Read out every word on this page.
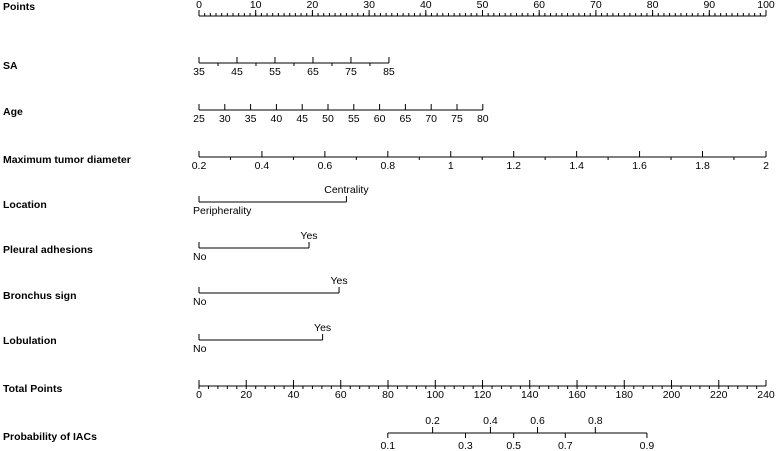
Points	0	10	20	30	40	50	60	70	80	90	100
SA	35	45	55	65	75	85
Age
25 30 35 40 45 50 55 60 65 70 75 80
Maximum tumor diameter	0.2	0.4	0.6	0.8	1	1.2	1.4	1.6	1.8	2
Location	Peripherality
Centrality
Pleural adhesions
No
Yes
Bronchus sign	No
Yes
Lobulation
No
Yes
Total Points	0	20	40	60	80	100	120	140	160	180	200	220	240
Probability of IACs
0.2	0.4	0.6	0.8
0.1	0.3	0.5	0.7	0.9
